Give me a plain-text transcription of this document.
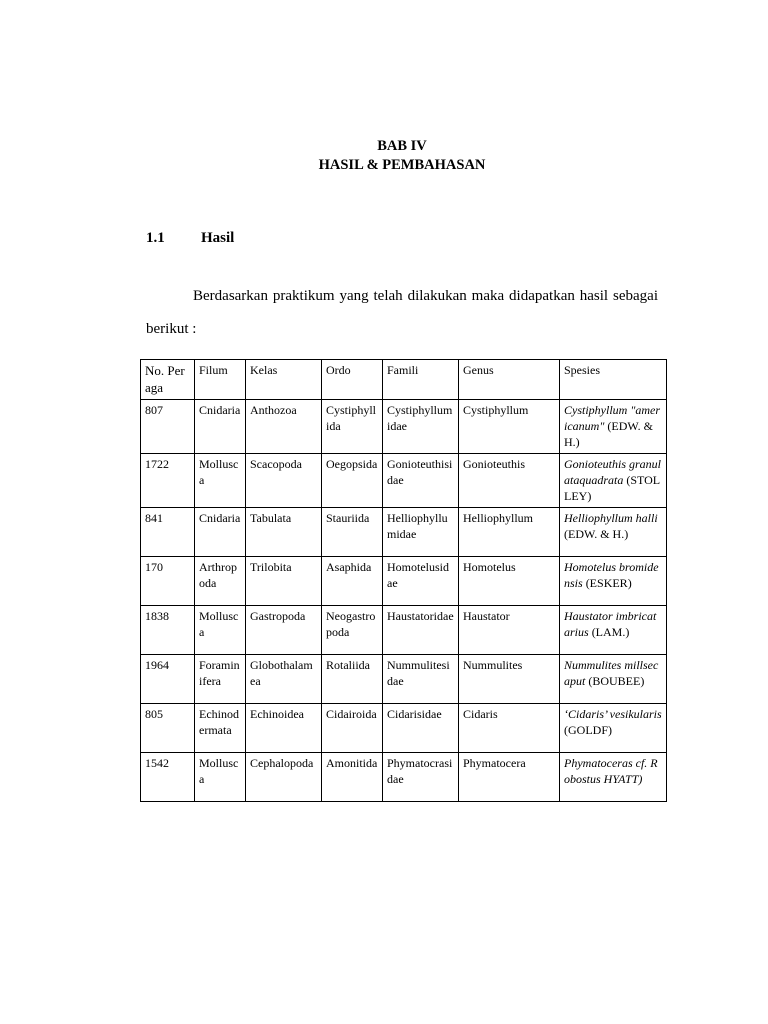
BAB IV
HASIL & PEMBAHASAN
1.1 Hasil

Berdasarkan praktikum yang telah dilakukan maka didapatkan hasil sebagai berikut :

No. Peraga	Filum	Kelas	Ordo	Famili	Genus	Spesies
807	Cnidaria	Anthozoa	Cystiphyllida	Cystiphyllumidae	Cystiphyllum	Cystiphyllum "americanum" (EDW. & H.)
1722	Mollusca	Scacopoda	Oegopsida	Gonioteuthisidae	Gonioteuthis	Gonioteuthis granulataquadrata (STOLLEY)
841	Cnidaria	Tabulata	Stauriida	Helliophyllumidae	Helliophyllum	Helliophyllum halli (EDW. & H.)
170	Arthropoda	Trilobita	Asaphida	Homotelusidae	Homotelus	Homotelus bromidensis (ESKER)
1838	Mollusca	Gastropoda	Neogastropoda	Haustatoridae	Haustator	Haustator imbricatarius (LAM.)
1964	Foraminifera	Globothalamea	Rotaliida	Nummulitesidae	Nummulites	Nummulites millsecaput (BOUBEE)
805	Echinodermata	Echinoidea	Cidairoida	Cidarisidae	Cidaris	‘Cidaris’ vesikularis (GOLDF)
1542	Mollusca	Cephalopoda	Amonitida	Phymatocrasidae	Phymatocera	Phymatoceras cf. Robostus HYATT)
